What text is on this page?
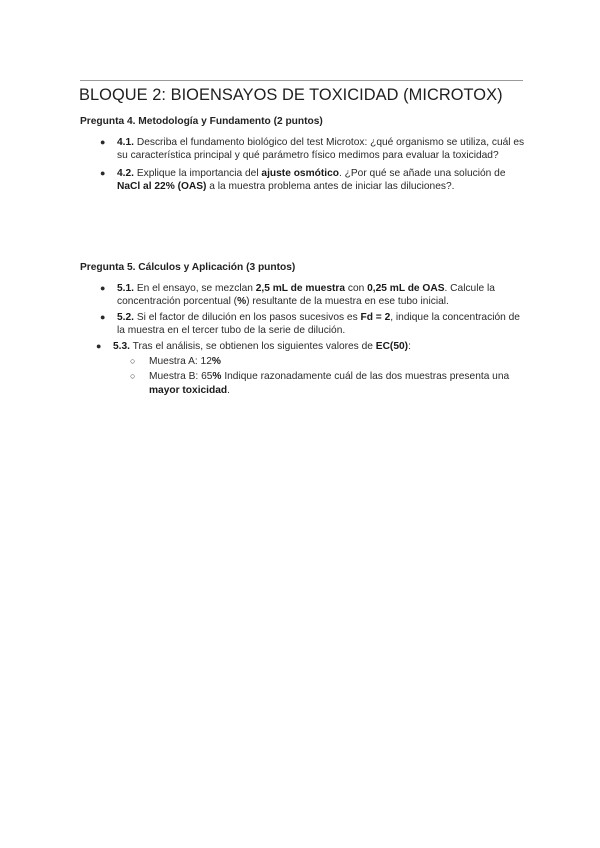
BLOQUE 2: BIOENSAYOS DE TOXICIDAD (MICROTOX)
Pregunta 4. Metodología y Fundamento (2 puntos)
● 4.1. Describa el fundamento biológico del test Microtox: ¿qué organismo se utiliza, cuál es su característica principal y qué parámetro físico medimos para evaluar la toxicidad?
● 4.2. Explique la importancia del ajuste osmótico. ¿Por qué se añade una solución de NaCl al 22% (OAS) a la muestra problema antes de iniciar las diluciones?.
Pregunta 5. Cálculos y Aplicación (3 puntos)
● 5.1. En el ensayo, se mezclan 2,5 mL de muestra con 0,25 mL de OAS. Calcule la concentración porcentual (%) resultante de la muestra en ese tubo inicial.
● 5.2. Si el factor de dilución en los pasos sucesivos es Fd = 2, indique la concentración de la muestra en el tercer tubo de la serie de dilución.
● 5.3. Tras el análisis, se obtienen los siguientes valores de EC(50):
○ Muestra A: 12%
○ Muestra B: 65% Indique razonadamente cuál de las dos muestras presenta una mayor toxicidad.
